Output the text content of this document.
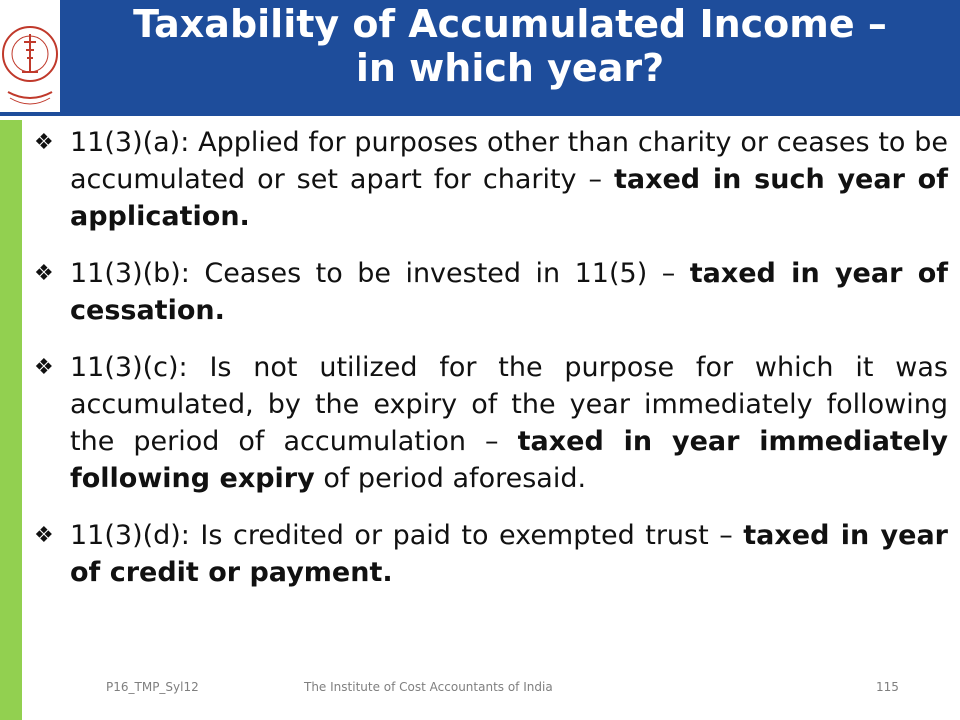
Taxability of Accumulated Income –
in which year?
❖ 11(3)(a): Applied for purposes other than charity or ceases to be accumulated or set apart for charity – taxed in such year of application.
❖ 11(3)(b): Ceases to be invested in 11(5) – taxed in year of cessation.
❖ 11(3)(c): Is not utilized for the purpose for which it was accumulated, by the expiry of the year immediately following the period of accumulation – taxed in year immediately following expiry of period aforesaid.
❖ 11(3)(d): Is credited or paid to exempted trust – taxed in year of credit or payment.
P16_TMP_Syl12	The Institute of Cost Accountants of India	115
